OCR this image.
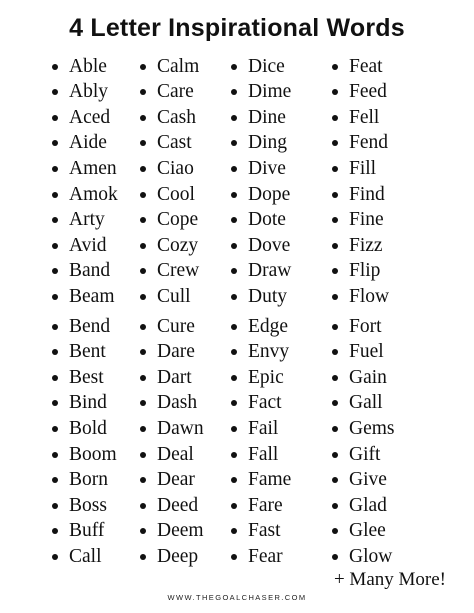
4 Letter Inspirational Words
Able
Ably
Aced
Aide
Amen
Amok
Arty
Avid
Band
Beam
Bend
Bent
Best
Bind
Bold
Boom
Born
Boss
Buff
Call
Calm
Care
Cash
Cast
Ciao
Cool
Cope
Cozy
Crew
Cull
Cure
Dare
Dart
Dash
Dawn
Deal
Dear
Deed
Deem
Deep
Dice
Dime
Dine
Ding
Dive
Dope
Dote
Dove
Draw
Duty
Edge
Envy
Epic
Fact
Fail
Fall
Fame
Fare
Fast
Fear
Feat
Feed
Fell
Fend
Fill
Find
Fine
Fizz
Flip
Flow
Fort
Fuel
Gain
Gall
Gems
Gift
Give
Glad
Glee
Glow
+ Many More!
WWW.THEGOALCHASER.COM
